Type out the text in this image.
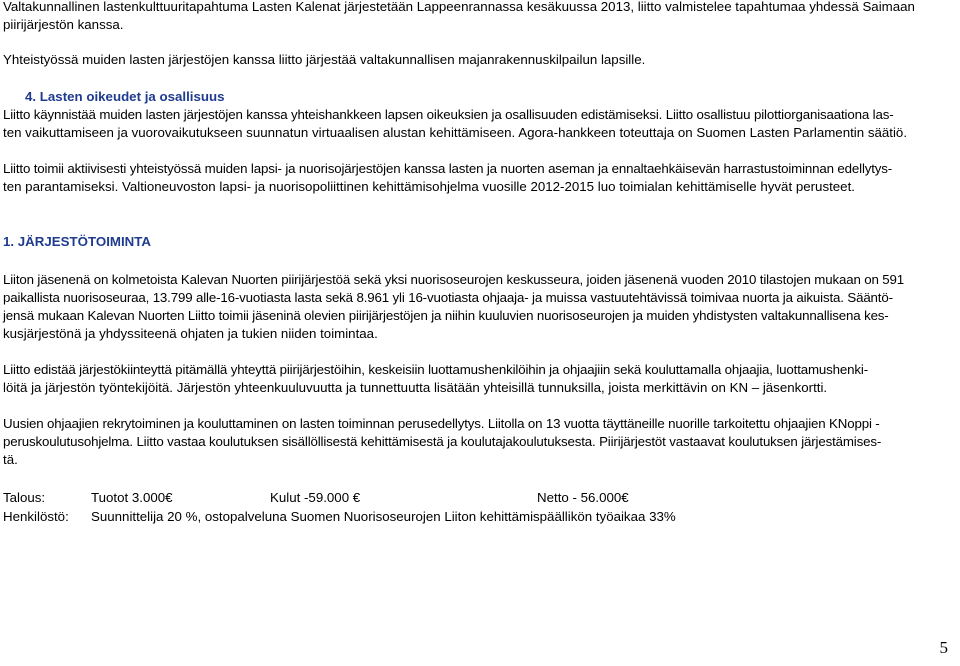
Valtakunnallinen lastenkulttuuritapahtuma Lasten Kalenat järjestetään Lappeenrannassa kesäkuussa 2013, liitto valmistelee tapahtumaa yhdessä Saimaan
piirijärjestön kanssa.
Yhteistyössä muiden lasten järjestöjen kanssa liitto järjestää valtakunnallisen majanrakennuskilpailun lapsille.
4. Lasten oikeudet ja osallisuus
Liitto käynnistää muiden lasten järjestöjen kanssa yhteishankkeen lapsen oikeuksien ja osallisuuden edistämiseksi. Liitto osallistuu pilottiorganisaationa las-
ten vaikuttamiseen ja vuorovaikutukseen suunnatun virtuaalisen alustan kehittämiseen. Agora-hankkeen toteuttaja on Suomen Lasten Parlamentin säätiö.
Liitto toimii aktiivisesti yhteistyössä muiden lapsi- ja nuorisojärjestöjen kanssa lasten ja nuorten aseman ja ennaltaehkäisevän harrastustoiminnan edellytys-
ten parantamiseksi. Valtioneuvoston lapsi- ja nuorisopoliittinen kehittämisohjelma vuosille 2012-2015 luo toimialan kehittämiselle hyvät perusteet.
1. JÄRJESTÖTOIMINTA
Liiton jäsenenä on kolmetoista Kalevan Nuorten piirijärjestöä sekä yksi nuorisoseurojen keskusseura, joiden jäsenenä vuoden 2010 tilastojen mukaan on 591
paikallista nuorisoseuraa, 13.799 alle-16-vuotiasta lasta sekä 8.961 yli 16-vuotiasta ohjaaja- ja muissa vastuutehtävissä toimivaa nuorta ja aikuista. Sääntö-
jensä mukaan Kalevan Nuorten Liitto toimii jäseninä olevien piirijärjestöjen ja niihin kuuluvien nuorisoseurojen ja muiden yhdistysten valtakunnallisena kes-
kusjärjestönä ja yhdyssiteenä ohjaten ja tukien niiden toimintaa.
Liitto edistää järjestökiinteyttä pitämällä yhteyttä piirijärjestöihin, keskeisiin luottamushenkilöihin ja ohjaajiin sekä kouluttamalla ohjaajia, luottamushenki-
löitä ja järjestön työntekijöitä. Järjestön yhteenkuuluvuutta ja tunnettuutta lisätään yhteisillä tunnuksilla, joista merkittävin on KN – jäsenkortti.
Uusien ohjaajien rekrytoiminen ja kouluttaminen on lasten toiminnan perusedellytys. Liitolla on 13 vuotta täyttäneille nuorille tarkoitettu ohjaajien KNoppi -
peruskoulutusohjelma. Liitto vastaa koulutuksen sisällöllisestä kehittämisestä ja koulutajakoulutuksesta. Piirijärjestöt vastaavat koulutuksen järjestämises-
tä.
Talous:	Tuotot 3.000€	Kulut -59.000 €	Netto - 56.000€
Henkilöstö: Suunnittelija 20 %, ostopalveluna Suomen Nuorisoseurojen Liiton kehittämispäällikön työaikaa 33%
5
